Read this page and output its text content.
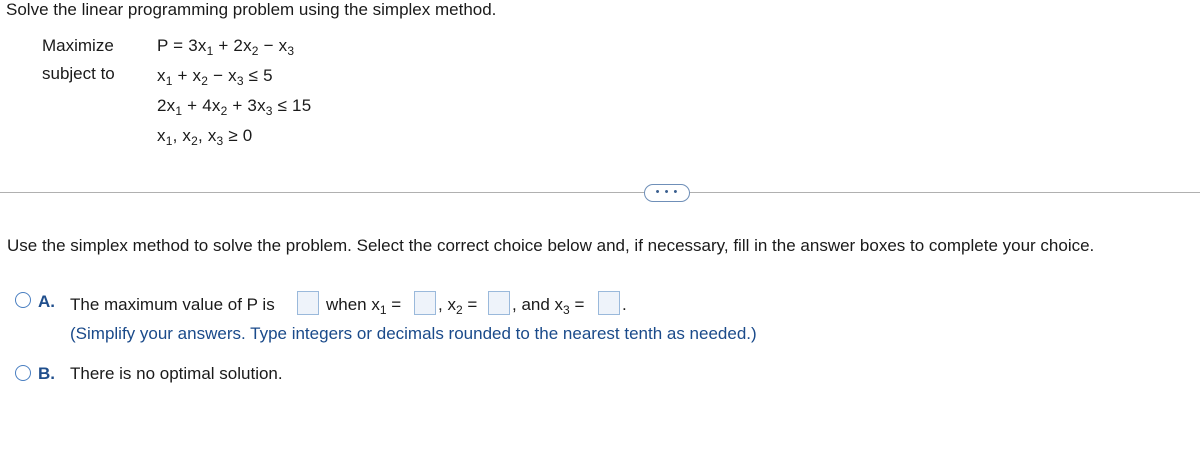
Solve the linear programming problem using the simplex method.
Maximize	$P = 3x_1 + 2x_2 - x_3$
subject to $x_1 + x_2 - x_3 \le 5$
$2x_1 + 4x_2 + 3x_3 \le 15$
$x_1$, $x_2$, $x_3 \ge 0$
• • •
Use the simplex method to solve the problem. Select the correct choice below and, if necessary, fill in the answer boxes to complete your choice.
A. The maximum value of P is	when $x_1$ = , $x_2$ = , and $x_3$ = .
(Simplify your answers. Type integers or decimals rounded to the nearest tenth as needed.)
B. There is no optimal solution.
